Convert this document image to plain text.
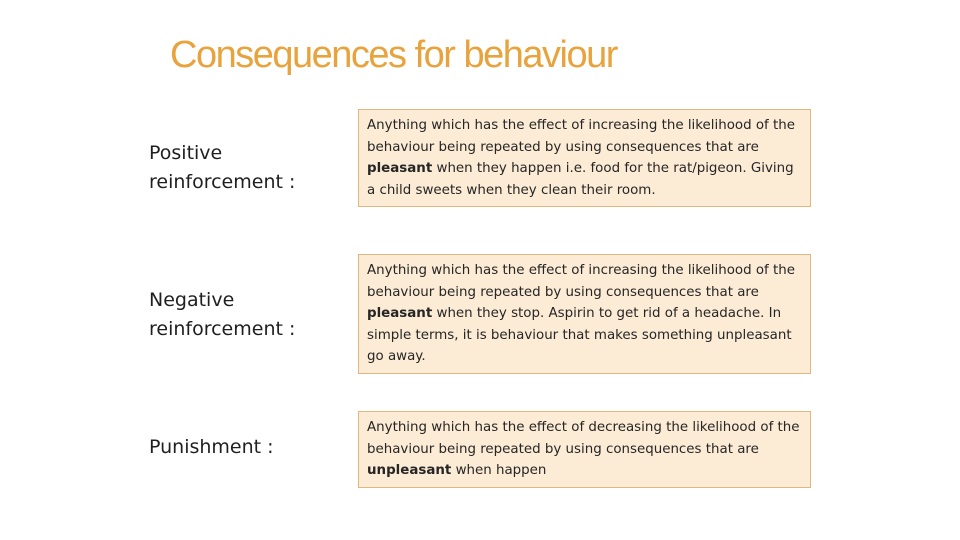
Consequences for behaviour
Positive reinforcement :
Anything which has the effect of increasing the likelihood of the behaviour being repeated by using consequences that are pleasant when they happen i.e. food for the rat/pigeon. Giving a child sweets when they clean their room.
Negative reinforcement :
Anything which has the effect of increasing the likelihood of the behaviour being repeated by using consequences that are pleasant when they stop. Aspirin to get rid of a headache. In simple terms, it is behaviour that makes something unpleasant go away.
Punishment :
Anything which has the effect of decreasing the likelihood of the behaviour being repeated by using consequences that are unpleasant when happen
